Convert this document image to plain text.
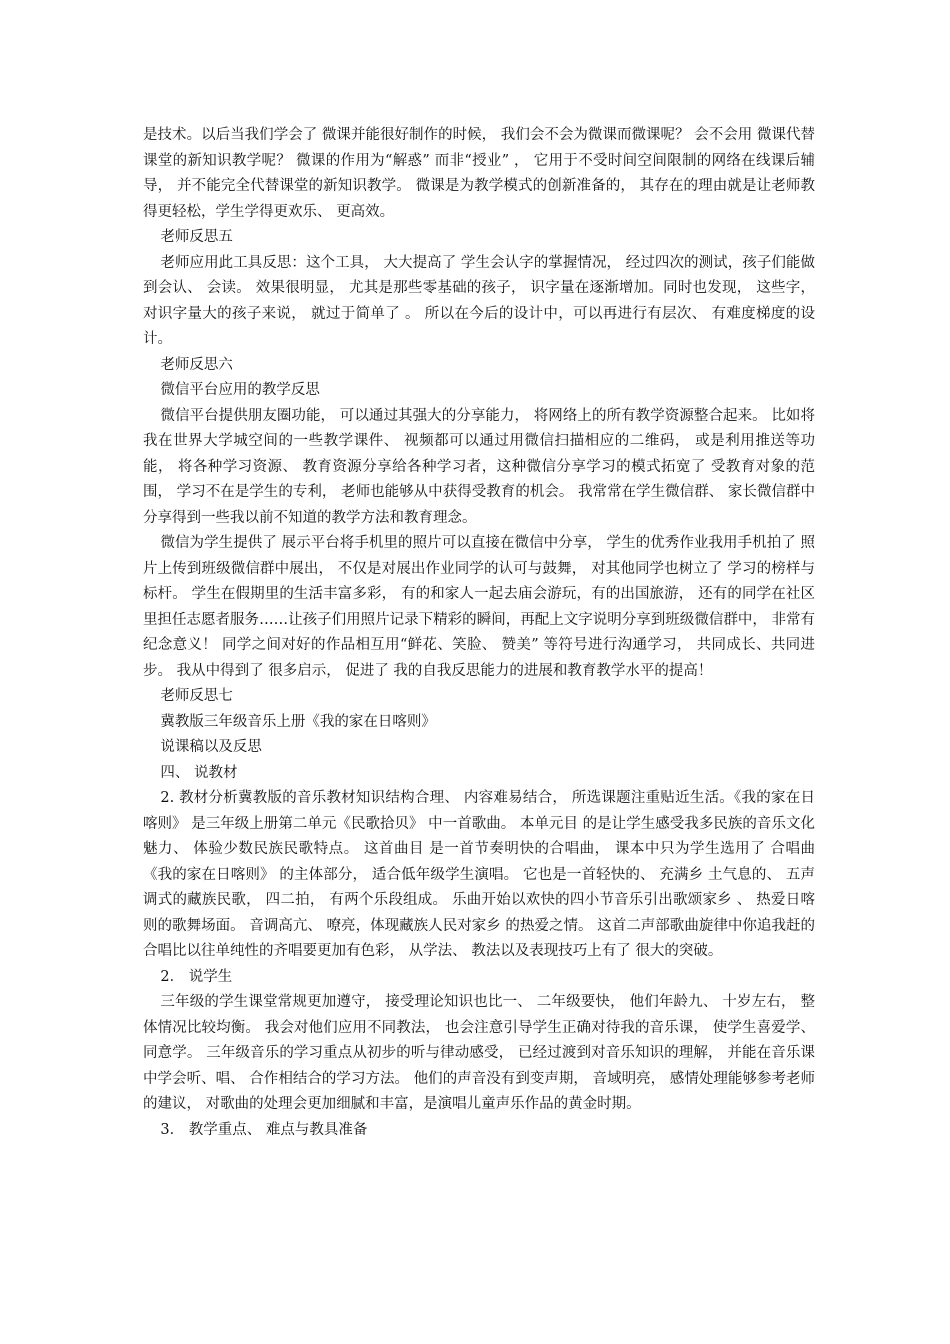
是技术。以后当我们学会了 微课并能很好制作的时候， 我们会不会为微课而微课呢？ 会不会用 微课代替课堂的新知识教学呢？ 微课的作用为“解惑” 而非“授业” ， 它用于不受时间空间限制的网络在线课后辅导， 并不能完全代替课堂的新知识教学。 微课是为教学模式的创新准备的， 其存在的理由就是让老师教得更轻松，学生学得更欢乐、 更高效。

老师反思五

老师应用此工具反思：这个工具， 大大提高了 学生会认字的掌握情况， 经过四次的测试，孩子们能做到会认、 会读。 效果很明显， 尤其是那些零基础的孩子， 识字量在逐渐增加。同时也发现， 这些字， 对识字量大的孩子来说， 就过于简单了 。 所以在今后的设计中，可以再进行有层次、 有难度梯度的设计。

老师反思六

微信平台应用的教学反思

微信平台提供朋友圈功能， 可以通过其强大的分享能力， 将网络上的所有教学资源整合起来。 比如将我在世界大学城空间的一些教学课件、 视频都可以通过用微信扫描相应的二维码， 或是利用推送等功能， 将各种学习资源、 教育资源分享给各种学习者，这种微信分享学习的模式拓宽了 受教育对象的范围， 学习不在是学生的专利， 老师也能够从中获得受教育的机会。 我常常在学生微信群、 家长微信群中分享得到一些我以前不知道的教学方法和教育理念。

微信为学生提供了 展示平台将手机里的照片可以直接在微信中分享， 学生的优秀作业我用手机拍了 照片上传到班级微信群中展出， 不仅是对展出作业同学的认可与鼓舞， 对其他同学也树立了 学习的榜样与标杆。 学生在假期里的生活丰富多彩， 有的和家人一起去庙会游玩，有的出国旅游， 还有的同学在社区里担任志愿者服务……让孩子们用照片记录下精彩的瞬间，再配上文字说明分享到班级微信群中， 非常有纪念意义！ 同学之间对好的作品相互用“鲜花、笑脸、 赞美” 等符号进行沟通学习， 共同成长、共同进步。 我从中得到了 很多启示， 促进了 我的自我反思能力的进展和教育教学水平的提高！

老师反思七

冀教版三年级音乐上册《我的家在日喀则》

说课稿以及反思

四、 说教材

2. 教材分析冀教版的音乐教材知识结构合理、 内容难易结合， 所选课题注重贴近生活。《我的家在日喀则》 是三年级上册第二单元《民歌拾贝》 中一首歌曲。 本单元目 的是让学生感受我多民族的音乐文化魅力、 体验少数民族民歌特点。 这首曲目 是一首节奏明快的合唱曲， 课本中只为学生选用了 合唱曲《我的家在日喀则》 的主体部分， 适合低年级学生演唱。 它也是一首轻快的、 充满乡 土气息的、 五声调式的藏族民歌， 四二拍， 有两个乐段组成。 乐曲开始以欢快的四小节音乐引出歌颂家乡 、 热爱日喀则的歌舞场面。 音调高亢、 嘹亮，体现藏族人民对家乡 的热爱之情。 这首二声部歌曲旋律中你追我赶的合唱比以往单纯性的齐唱要更加有色彩， 从学法、 教法以及表现技巧上有了 很大的突破。

2． 说学生

三年级的学生课堂常规更加遵守， 接受理论知识也比一、 二年级要快， 他们年龄九、 十岁左右， 整体情况比较均衡。 我会对他们应用不同教法， 也会注意引导学生正确对待我的音乐课， 使学生喜爱学、 同意学。 三年级音乐的学习重点从初步的听与律动感受， 已经过渡到对音乐知识的理解， 并能在音乐课中学会听、唱、 合作相结合的学习方法。 他们的声音没有到变声期， 音域明亮， 感情处理能够参考老师的建议， 对歌曲的处理会更加细腻和丰富，是演唱儿童声乐作品的黄金时期。

3． 教学重点、 难点与教具准备
